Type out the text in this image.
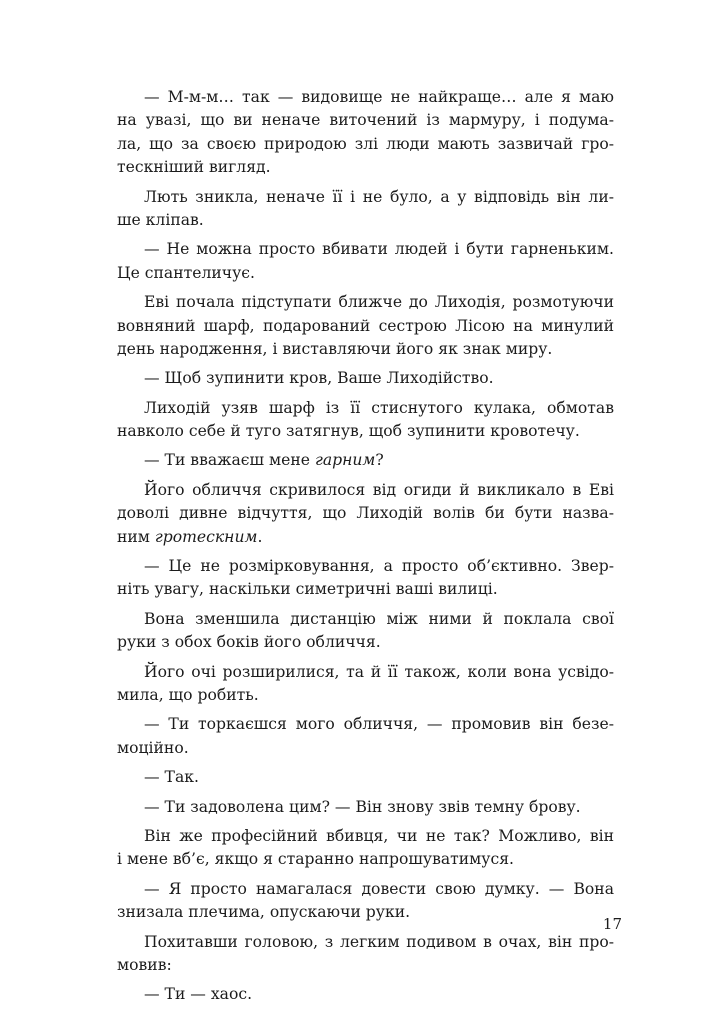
— М-м-м… так — видовище не найкраще… але я маю
на увазі, що ви неначе виточений із мармуру, і подума-
ла, що за своєю природою злі люди мають зазвичай гро-
тескніший вигляд.
Лють зникла, неначе її і не було, а у відповідь він ли-
ше кліпав.
— Не можна просто вбивати людей і бути гарненьким.
Це спантеличує.
Еві почала підступати ближче до Лиходія, розмотуючи
вовняний шарф, подарований сестрою Лісою на минулий
день народження, і виставляючи його як знак миру.
— Щоб зупинити кров, Ваше Лиходійство.
Лиходій узяв шарф із її стиснутого кулака, обмотав
навколо себе й туго затягнув, щоб зупинити кровотечу.
— Ти вважаєш мене гарним?
Його обличчя скривилося від огиди й викликало в Еві
доволі дивне відчуття, що Лиходій волів би бути назва-
ним гротескним.
— Це не розмірковування, а просто об’єктивно. Звер-
ніть увагу, наскільки симетричні ваші вилиці.
Вона зменшила дистанцію між ними й поклала свої
руки з обох боків його обличчя.
Його очі розширилися, та й її також, коли вона усвідо-
мила, що робить.
— Ти торкаєшся мого обличчя, — промовив він безе-
моційно.
— Так.
— Ти задоволена цим? — Він знову звів темну брову.
Він же професійний вбивця, чи не так? Можливо, він
і мене вб’є, якщо я старанно напрошуватимуся.
— Я просто намагалася довести свою думку. — Вона
знизала плечима, опускаючи руки.
Похитавши головою, з легким подивом в очах, він про-
мовив:
— Ти — хаос.
17
